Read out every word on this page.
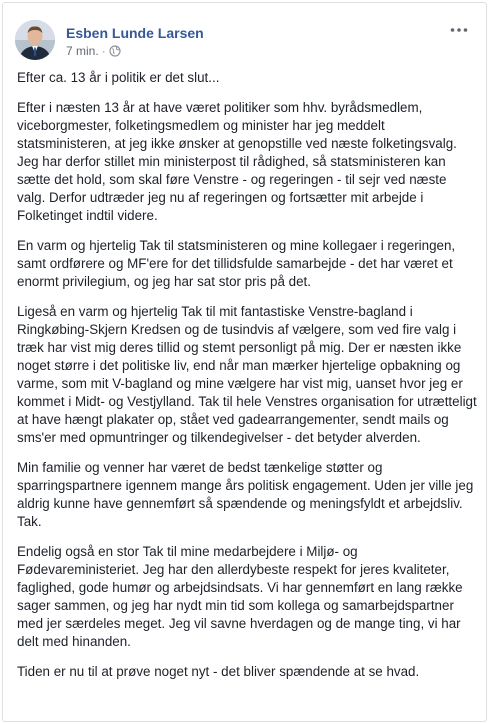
Esben Lunde Larsen
7 min. ·

Efter ca. 13 år i politik er det slut...

Efter i næsten 13 år at have været politiker som hhv. byrådsmedlem, viceborgmester, folketingsmedlem og minister har jeg meddelt statsministeren, at jeg ikke ønsker at genopstille ved næste folketingsvalg. Jeg har derfor stillet min ministerpost til rådighed, så statsministeren kan sætte det hold, som skal føre Venstre - og regeringen - til sejr ved næste valg. Derfor udtræder jeg nu af regeringen og fortsætter mit arbejde i Folketinget indtil videre.

En varm og hjertelig Tak til statsministeren og mine kollegaer i regeringen, samt ordførere og MF'ere for det tillidsfulde samarbejde - det har været et enormt privilegium, og jeg har sat stor pris på det.

Ligeså en varm og hjertelig Tak til mit fantastiske Venstre-bagland i Ringkøbing-Skjern Kredsen og de tusindvis af vælgere, som ved fire valg i træk har vist mig deres tillid og stemt personligt på mig. Der er næsten ikke noget større i det politiske liv, end når man mærker hjertelige opbakning og varme, som mit V-bagland og mine vælgere har vist mig, uanset hvor jeg er kommet i Midt- og Vestjylland. Tak til hele Venstres organisation for utrætteligt at have hængt plakater op, stået ved gadearrangementer, sendt mails og sms'er med opmuntringer og tilkendegivelser - det betyder alverden.

Min familie og venner har været de bedst tænkelige støtter og sparringspartnere igennem mange års politisk engagement. Uden jer ville jeg aldrig kunne have gennemført så spændende og meningsfyldt et arbejdsliv. Tak.

Endelig også en stor Tak til mine medarbejdere i Miljø- og Fødevareministeriet. Jeg har den allerdybeste respekt for jeres kvaliteter, faglighed, gode humør og arbejdsindsats. Vi har gennemført en lang række sager sammen, og jeg har nydt min tid som kollega og samarbejdspartner med jer særdeles meget. Jeg vil savne hverdagen og de mange ting, vi har delt med hinanden.

Tiden er nu til at prøve noget nyt - det bliver spændende at se hvad.
